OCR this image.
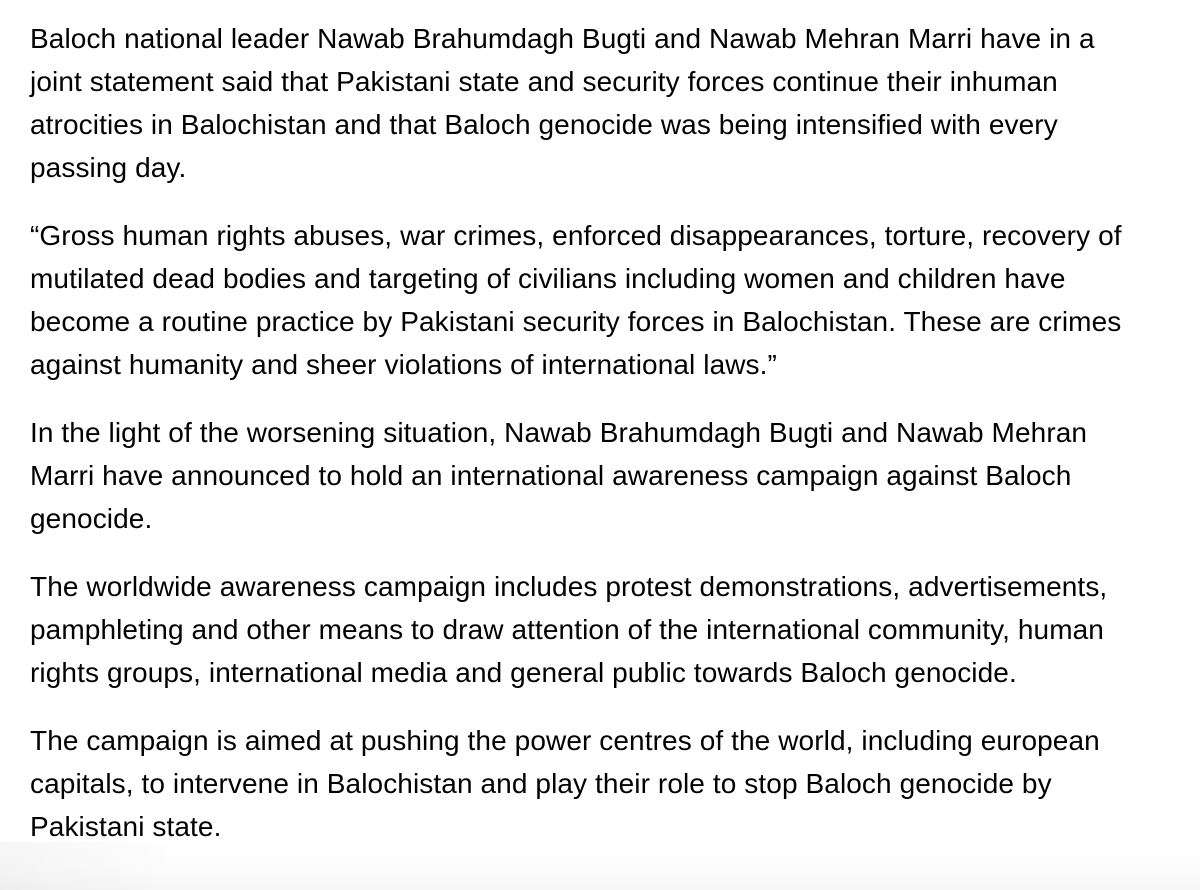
Baloch national leader Nawab Brahumdagh Bugti and Nawab Mehran Marri have in a
joint statement said that Pakistani state and security forces continue their inhuman
atrocities in Balochistan and that Baloch genocide was being intensified with every
passing day.

“Gross human rights abuses, war crimes, enforced disappearances, torture, recovery of
mutilated dead bodies and targeting of civilians including women and children have
become a routine practice by Pakistani security forces in Balochistan. These are crimes
against humanity and sheer violations of international laws.”

In the light of the worsening situation, Nawab Brahumdagh Bugti and Nawab Mehran
Marri have announced to hold an international awareness campaign against Baloch
genocide.

The worldwide awareness campaign includes protest demonstrations, advertisements,
pamphleting and other means to draw attention of the international community, human
rights groups, international media and general public towards Baloch genocide.

The campaign is aimed at pushing the power centres of the world, including european
capitals, to intervene in Balochistan and play their role to stop Baloch genocide by
Pakistani state.
